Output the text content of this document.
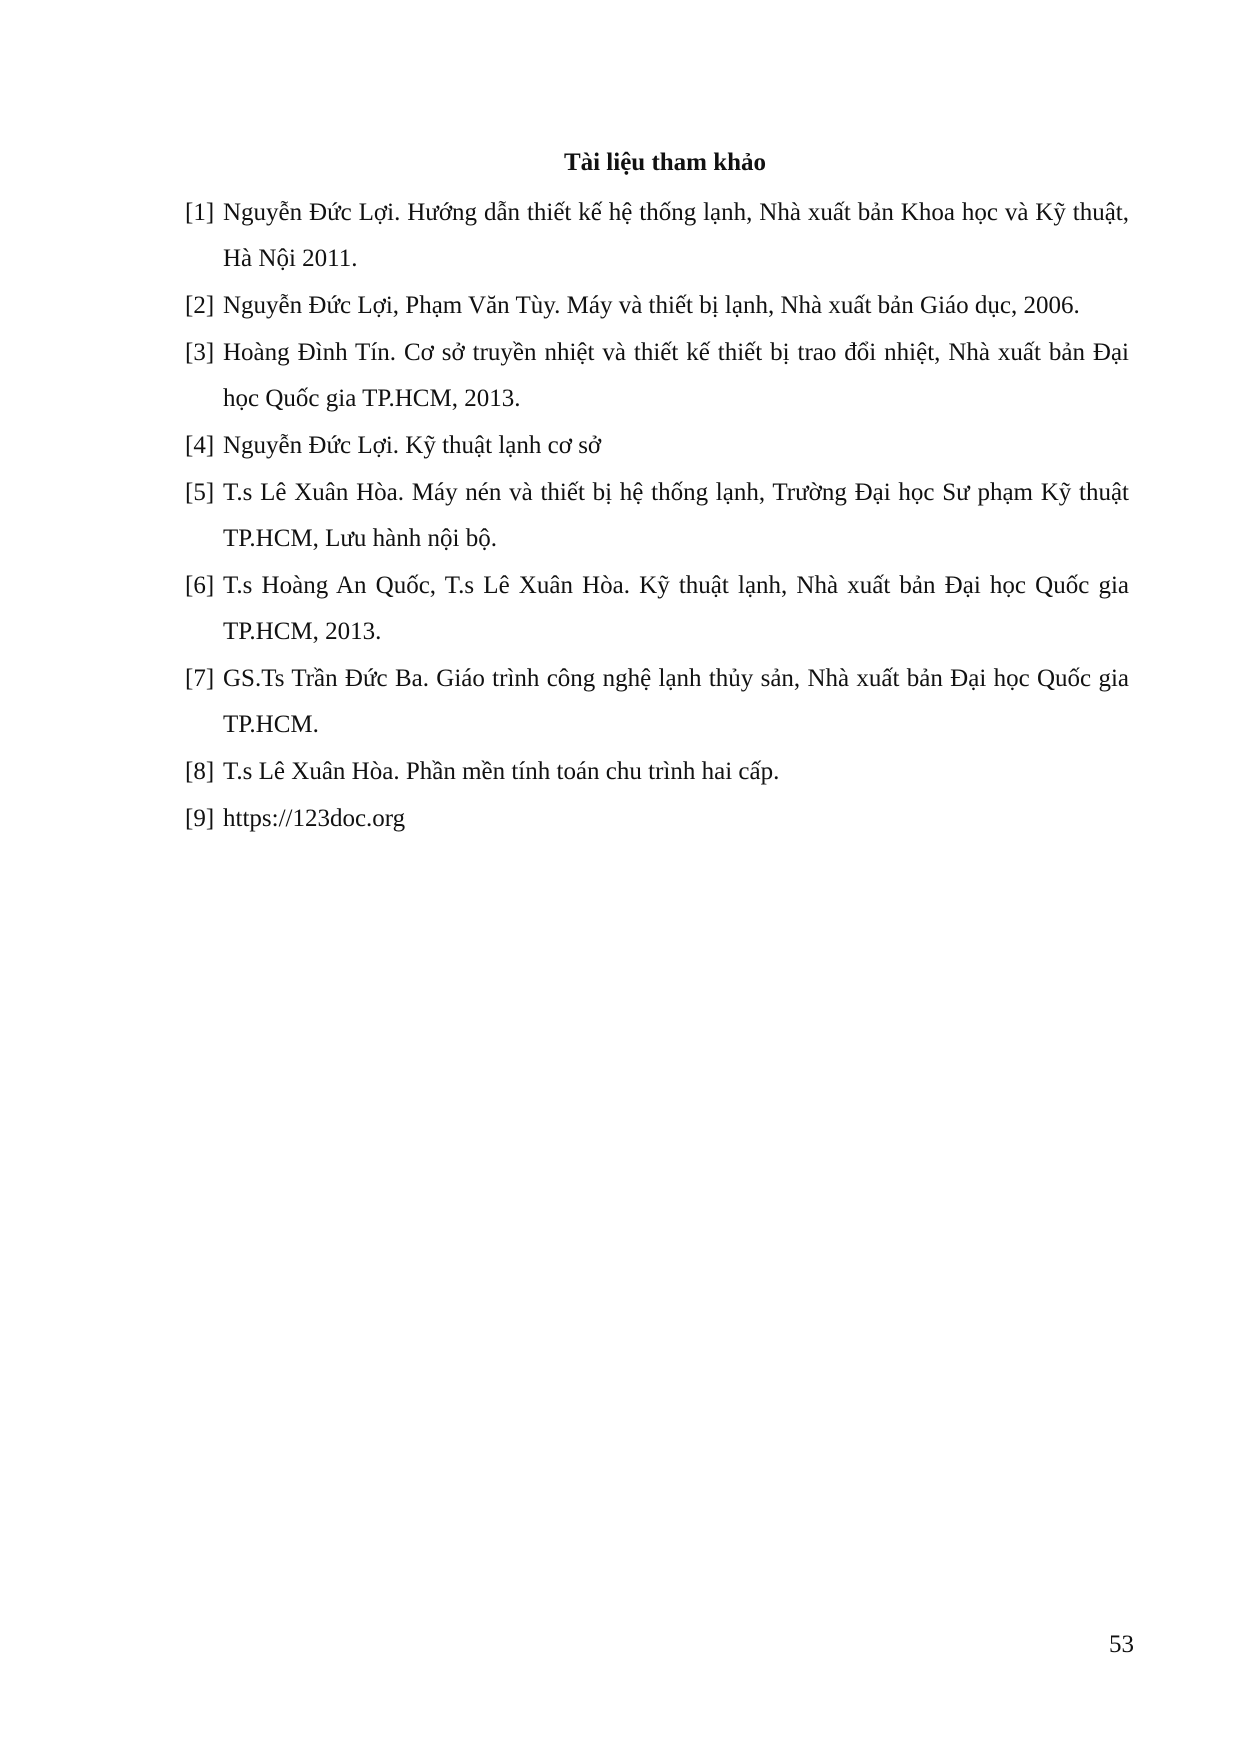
Tài liệu tham khảo
[1] Nguyễn Đức Lợi. Hướng dẫn thiết kế hệ thống lạnh, Nhà xuất bản Khoa học và Kỹ thuật, Hà Nội 2011.
[2] Nguyễn Đức Lợi, Phạm Văn Tùy. Máy và thiết bị lạnh, Nhà xuất bản Giáo dục, 2006.
[3] Hoàng Đình Tín. Cơ sở truyền nhiệt và thiết kế thiết bị trao đổi nhiệt, Nhà xuất bản Đại học Quốc gia TP.HCM, 2013.
[4] Nguyễn Đức Lợi. Kỹ thuật lạnh cơ sở
[5] T.s Lê Xuân Hòa. Máy nén và thiết bị hệ thống lạnh, Trường Đại học Sư phạm Kỹ thuật TP.HCM, Lưu hành nội bộ.
[6] T.s Hoàng An Quốc, T.s Lê Xuân Hòa. Kỹ thuật lạnh, Nhà xuất bản Đại học Quốc gia TP.HCM, 2013.
[7] GS.Ts Trần Đức Ba. Giáo trình công nghệ lạnh thủy sản, Nhà xuất bản Đại học Quốc gia TP.HCM.
[8] T.s Lê Xuân Hòa. Phần mền tính toán chu trình hai cấp.
[9] https://123doc.org
53
